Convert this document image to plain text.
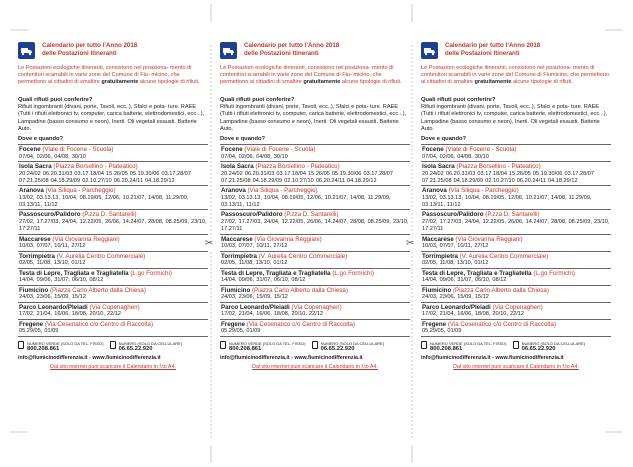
✂	✂
Calendario per tutto l’Anno 2018
delle Postazioni Itineranti
Le Postazioni ecologiche itineranti, consistono nel posiziona- mento di contenitori scarrabili in varie zone del Comune di Fiu- micino, che permettono ai cittadini di smaltire gratuitamente alcune tipologie di rifiuti.
Quali rifiuti puoi conferire?
Rifiuti ingombranti (divani, porte, Tavoli, ecc..), Sfalci e pota- ture. RAEE (Tutti i rifiuti elettronici tv, computer, carica batterie, elettrodomestici, ecc...), Lampadine (basso consumo e neon), Inerti. Oli vegetali esausti. Batterie Auto.
Dove e quando?
Focene (Viale di Focene - Scuola)
07/04, 02/06, 04/08, 30/10
Isola Sacra (Piazza Borsellino - Plateatico)
20.24/02 06.20.31/03 03.17.18/04 15.26/05 05.19.30/06 03.17.28/07 07.21.25/08 04.18.29/09 02.10.27/10 06.20.24/11 04.18.29/12
Aranova (Via Siliqua - Parcheggio)
13/02, 03.13.13, 10/04, 08.19/05, 12/06, 10.21/07, 14/08, 11.29/09, 03.13/11, 11/12
Passoscuro/Palidoro (P.zza D. Santarelli)
27/02, 17.27/03, 24/04, 12.22/05, 26/06, 14.24/07, 28/08, 08.25/09, 23/10, 17.27/11
Maccarese (Via Giovanna Reggiani)
10/03, 07/07, 10/11, 27/12
Torrimpietra (V. Aurelia Centro Commerciale)
02/05, 11/08, 13/10, 01/12
Testa di Lepre, Tragliata e Tragliatella (L.go Formichi)
14/04, 09/06, 31/07, 06/10, 08/12
Fiumicino (Piazza Carlo Alberto dalla Chiesa)
24/03, 23/06, 15/09, 15/12
Parco Leonardo/Pleiadi (Via Copenaghen)
17/02, 21/04, 16/06, 18/08, 20/10, 22/12
Fregene (Via Cesenatico c/o Centro di Raccolta)
05.29/05, 01/09
NUMERO VERDE (SOLO DA TEL. FISSO)
800.208.861
NUMERO (SOLO DA CELLULARE)
06.65.22.920
info@fiumicinodifferenzia.it - www.fiumicinodifferenzia.it
Dal sito internet puoi scaricare il Calendario in f.to A4.
Calendario per tutto l’Anno 2018
delle Postazioni Itineranti
Le Postazioni ecologiche itineranti, consistono nel posiziona- mento di contenitori scarrabili in varie zone del Comune di Fiu- micino, che permettono ai cittadini di smaltire gratuitamente alcune tipologie di rifiuti.
Quali rifiuti puoi conferire?
Rifiuti ingombranti (divani, porte, Tavoli, ecc..), Sfalci e pota- ture. RAEE (Tutti i rifiuti elettronici tv, computer, carica batterie, elettrodomestici, ecc...), Lampadine (basso consumo e neon), Inerti. Oli vegetali esausti. Batterie Auto.
Dove e quando?
Focene (Viale di Focene - Scuola)
07/04, 02/06, 04/08, 30/10
Isola Sacra (Piazza Borsellino - Plateatico)
20.24/02 06.20.31/03 03.17.18/04 15.26/05 05.19.30/06 03.17.28/07 07.21.25/08 04.18.29/09 02.10.27/10 06.20.24/11 04.18.29/12
Aranova (Via Siliqua - Parcheggio)
13/02, 03.13.13, 10/04, 08.19/05, 12/06, 10.21/07, 14/08, 11.29/09, 03.13/11, 11/12
Passoscuro/Palidoro (P.zza D. Santarelli)
27/02, 17.27/03, 24/04, 12.22/05, 26/06, 14.24/07, 28/08, 08.25/09, 23/10, 17.27/11
Maccarese (Via Giovanna Reggiani)
10/03, 07/07, 10/11, 27/12
Torrimpietra (V. Aurelia Centro Commerciale)
02/05, 11/08, 13/10, 01/12
Testa di Lepre, Tragliata e Tragliatella (L.go Formichi)
14/04, 09/06, 31/07, 06/10, 08/12
Fiumicino (Piazza Carlo Alberto dalla Chiesa)
24/03, 23/06, 15/09, 15/12
Parco Leonardo/Pleiadi (Via Copenaghen)
17/02, 21/04, 16/06, 18/08, 20/10, 22/12
Fregene (Via Cesenatico c/o Centro di Raccolta)
05.29/05, 01/09
NUMERO VERDE (SOLO DA TEL. FISSO)
800.208.861
NUMERO (SOLO DA CELLULARE)
06.65.22.920
info@fiumicinodifferenzia.it - www.fiumicinodifferenzia.it
Dal sito internet puoi scaricare il Calendario in f.to A4.
Calendario per tutto l’Anno 2018
delle Postazioni Itineranti
Le Postazioni ecologiche itineranti, consistono nel posiziona- mento di contenitori scarrabili in varie zone del Comune di Fiumicino, che permettono ai cittadini di smaltire gratuitamente alcune tipologie di rifiuti.
Quali rifiuti puoi conferire?
Rifiuti ingombranti (divani, porte, Tavoli, ecc..), Sfalci e pota- ture. RAEE (Tutti i rifiuti elettronici tv, computer, carica batterie, elettrodomestici, ecc...), Lampadine (basso consumo e neon), Inerti. Oli vegetali esausti. Batterie Auto.
Dove e quando?
Focene (Viale di Focene - Scuola)
07/04, 02/06, 04/08, 30/10
Isola Sacra (Piazza Borsellino - Plateatico)
20.24/02 06.20.31/03 03.17.18/04 15.26/05 05.19.30/06 03.17.28/07 07.21.25/08 04.18.29/09 02.10.27/10 06.20.24/11 04.18.29/12
Aranova (Via Siliqua - Parcheggio)
13/02, 03.13.13, 10/04, 08.19/05, 12/06, 10.21/07, 14/08, 11.29/09, 03.13/11, 11/12
Passoscuro/Palidoro (P.zza D. Santarelli)
27/02, 17.27/03, 24/04, 12.22/05, 26/06, 14.24/07, 28/08, 08.25/09, 23/10, 17.27/11
Maccarese (Via Giovanna Reggiani)
10/03, 07/07, 10/11, 27/12
Torrimpietra (V. Aurelia Centro Commerciale)
02/05, 11/08, 13/10, 01/12
Testa di Lepre, Tragliata e Tragliatella (L.go Formichi)
14/04, 09/06, 31/07, 06/10, 08/12
Fiumicino (Piazza Carlo Alberto dalla Chiesa)
24/03, 23/06, 15/09, 15/12
Parco Leonardo/Pleiadi (Via Copenaghen)
17/02, 21/04, 16/06, 18/08, 20/10, 22/12
Fregene (Via Cesenatico c/o Centro di Raccolta)
05.29/05, 01/09
NUMERO VERDE (SOLO DA TEL. FISSO)
800.208.861
NUMERO (SOLO DA CELLULARE)
06.65.22.920
info@fiumicinodifferenzia.it - www.fiumicinodifferenzia.it
Dal sito internet puoi scaricare il Calendario in f.to A4.
